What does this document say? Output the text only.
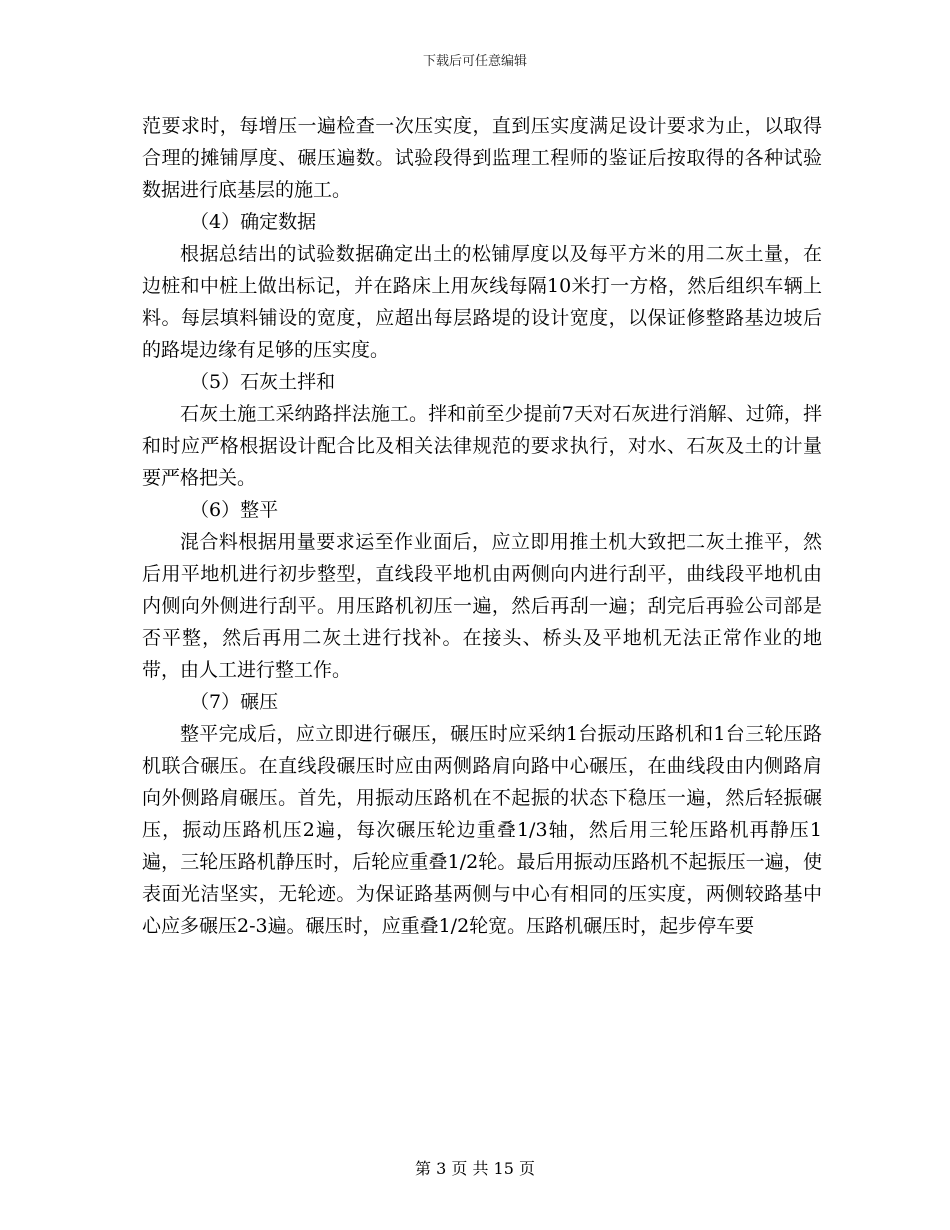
下载后可任意编辑

范要求时，每增压一遍检查一次压实度，直到压实度满足设计要求为止，以取得合理的摊铺厚度、碾压遍数。试验段得到监理工程师的鉴证后按取得的各种试验数据进行底基层的施工。

（4）确定数据

根据总结出的试验数据确定出土的松铺厚度以及每平方米的用二灰土量，在边桩和中桩上做出标记，并在路床上用灰线每隔10米打一方格，然后组织车辆上料。每层填料铺设的宽度，应超出每层路堤的设计宽度，以保证修整路基边坡后的路堤边缘有足够的压实度。

（5）石灰土拌和

石灰土施工采纳路拌法施工。拌和前至少提前7天对石灰进行消解、过筛，拌和时应严格根据设计配合比及相关法律规范的要求执行，对水、石灰及土的计量要严格把关。

（6）整平

混合料根据用量要求运至作业面后，应立即用推土机大致把二灰土推平，然后用平地机进行初步整型，直线段平地机由两侧向内进行刮平，曲线段平地机由内侧向外侧进行刮平。用压路机初压一遍，然后再刮一遍；刮完后再验公司部是否平整，然后再用二灰土进行找补。在接头、桥头及平地机无法正常作业的地带，由人工进行整工作。

（7）碾压

整平完成后，应立即进行碾压，碾压时应采纳1台振动压路机和1台三轮压路机联合碾压。在直线段碾压时应由两侧路肩向路中心碾压，在曲线段由内侧路肩向外侧路肩碾压。首先，用振动压路机在不起振的状态下稳压一遍，然后轻振碾压，振动压路机压2遍，每次碾压轮边重叠1/3轴，然后用三轮压路机再静压1遍，三轮压路机静压时，后轮应重叠1/2轮。最后用振动压路机不起振压一遍，使表面光洁坚实，无轮迹。为保证路基两侧与中心有相同的压实度，两侧较路基中心应多碾压2-3遍。碾压时，应重叠1/2轮宽。压路机碾压时，起步停车要

第 3 页 共 15 页
